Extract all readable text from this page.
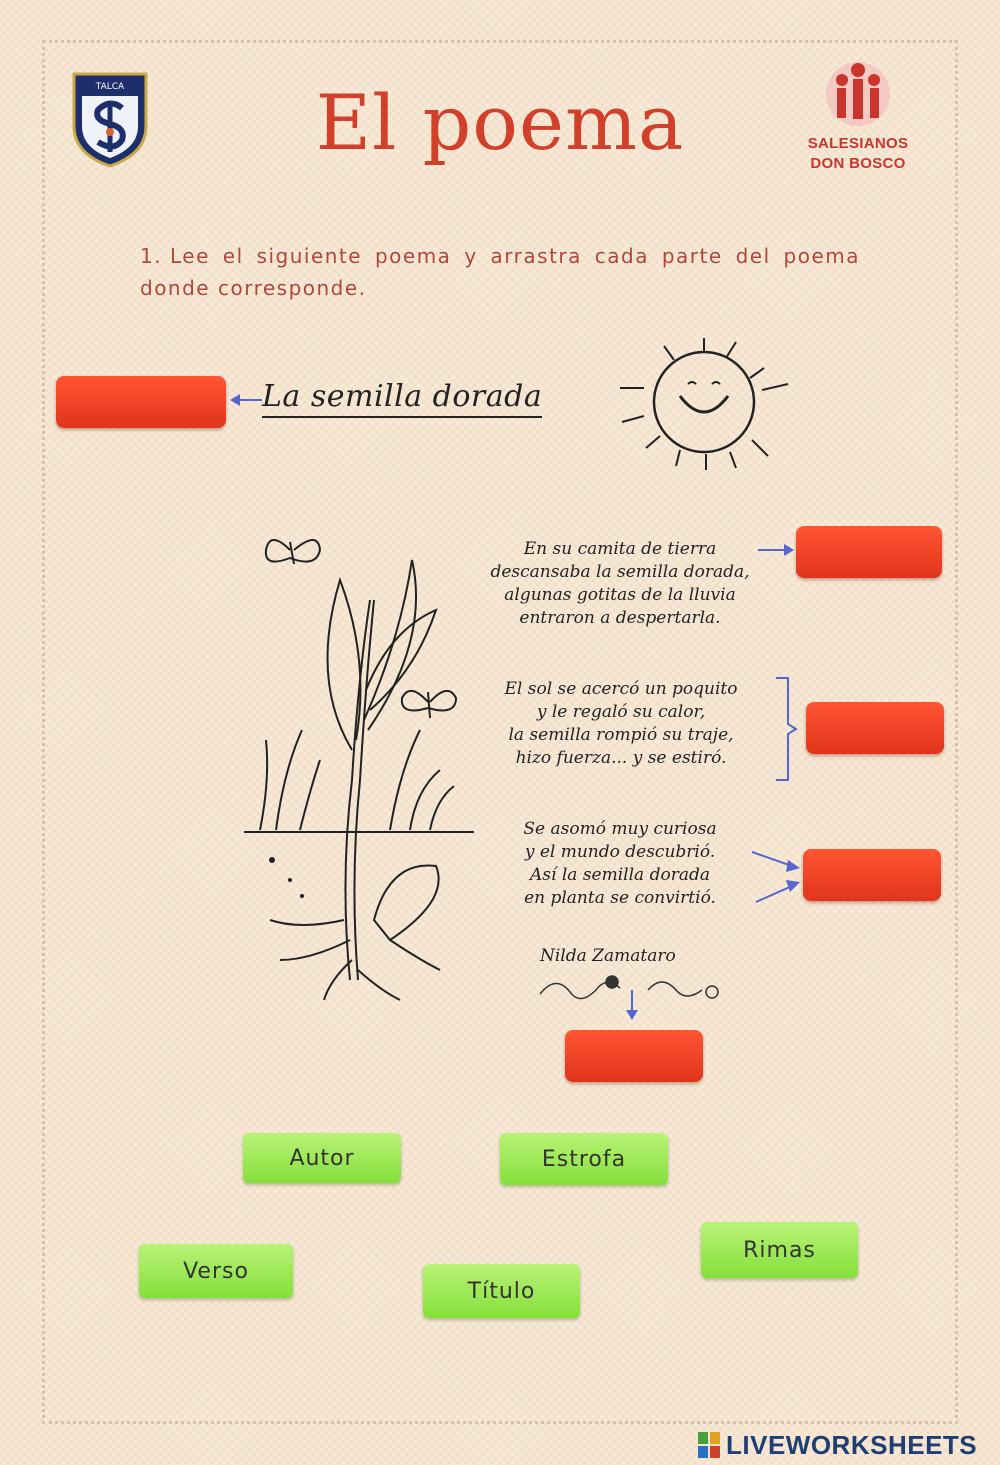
TALCA	El poema	SALESIANOS
DON BOSCO
1. Lee el siguiente poema y arrastra cada parte del poema donde corresponde.
La semilla dorada
En su camita de tierra
descansaba la semilla dorada,
algunas gotitas de la lluvia
entraron a despertarla.
El sol se acercó un poquito
y le regaló su calor,
la semilla rompió su traje,
hizo fuerza... y se estiró.
Se asomó muy curiosa
y el mundo descubrió.
Así la semilla dorada
en planta se convirtió.
Nilda Zamataro
Autor	Estrofa
Rimas
Verso
Título
LIVEWORKSHEETS
